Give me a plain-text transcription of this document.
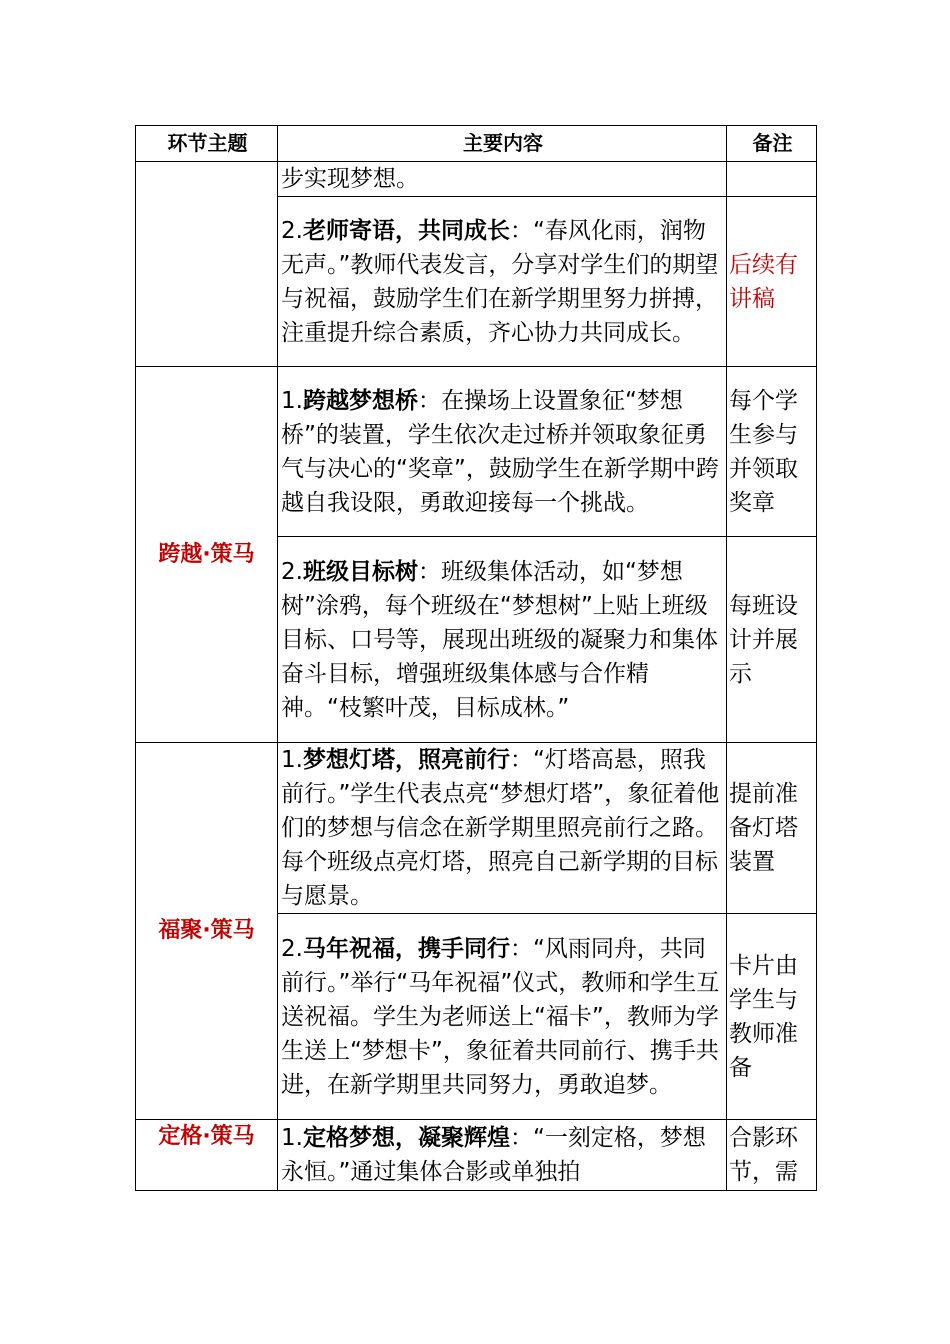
环节主题	主要内容	备注
	步实现梦想。	
	2.老师寄语，共同成长：“春风化雨，润物无声。”教师代表发言，分享对学生们的期望与祝福，鼓励学生们在新学期里努力拼搏，注重提升综合素质，齐心协力共同成长。	后续有讲稿
跨越·策马	1.跨越梦想桥：在操场上设置象征“梦想桥”的装置，学生依次走过桥并领取象征勇气与决心的“奖章”，鼓励学生在新学期中跨越自我设限，勇敢迎接每一个挑战。	每个学生参与并领取奖章
	2.班级目标树：班级集体活动，如“梦想树”涂鸦，每个班级在“梦想树”上贴上班级目标、口号等，展现出班级的凝聚力和集体奋斗目标，增强班级集体感与合作精神。“枝繁叶茂，目标成林。”	每班设计并展示
福聚·策马	1.梦想灯塔，照亮前行：“灯塔高悬，照我前行。”学生代表点亮“梦想灯塔”，象征着他们的梦想与信念在新学期里照亮前行之路。每个班级点亮灯塔，照亮自己新学期的目标与愿景。	提前准备灯塔装置
	2.马年祝福，携手同行：“风雨同舟，共同前行。”举行“马年祝福”仪式，教师和学生互送祝福。学生为老师送上“福卡”，教师为学生送上“梦想卡”，象征着共同前行、携手共进，在新学期里共同努力，勇敢追梦。	卡片由学生与教师准备
定格·策马	1.定格梦想，凝聚辉煌：“一刻定格，梦想永恒。”通过集体合影或单独拍	合影环节，需
